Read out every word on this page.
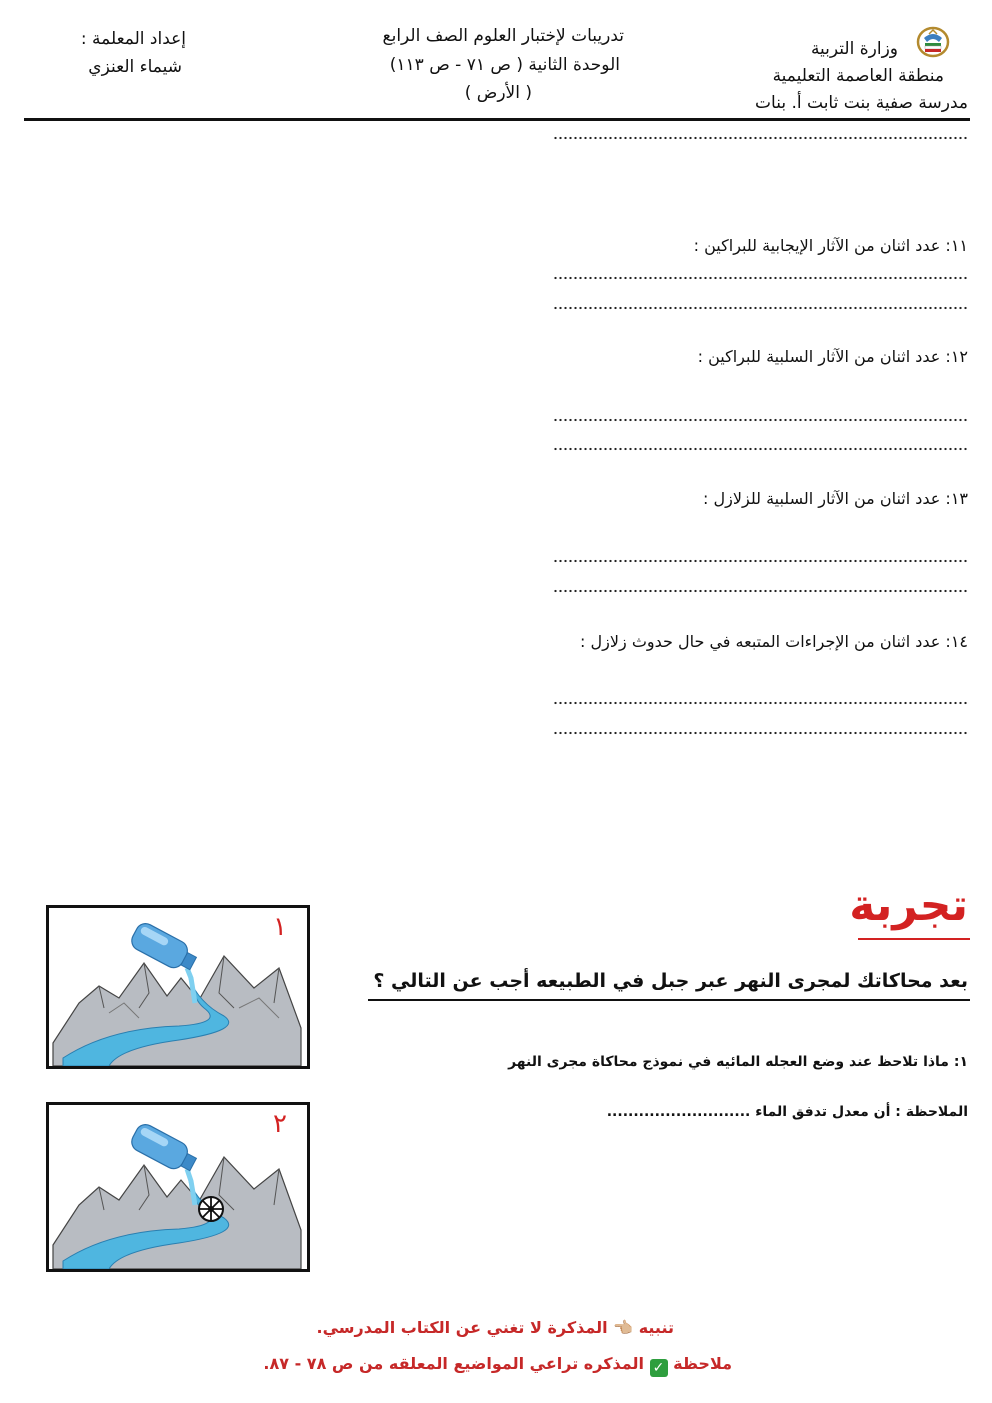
وزارة التربية
منطقة العاصمة التعليمية
مدرسة صفية بنت ثابت أ. بنات
تدريبات لإختبار العلوم الصف الرابع
الوحدة الثانية ( ص ٧١ - ص ١١٣)
( الأرض )
إعداد المعلمة :
شيماء العنزي
١١: عدد اثنان من الآثار الإيجابية للبراكين :
١٢: عدد اثنان من الآثار السلبية للبراكين :
١٣: عدد اثنان من الآثار السلبية للزلازل :
١٤: عدد اثنان من الإجراءات المتبعه في حال حدوث زلازل :
تجربة
بعد محاكاتك لمجرى النهر عبر جبل في الطبيعه أجب عن التالي ؟
١: ماذا تلاحظ عند وضع العجله المائيه في نموذج محاكاة مجرى النهر
الملاحظة : أن معدل تدفق الماء ...........................
١
٢
تنبيه 👈🏼 المذكرة لا تغني عن الكتاب المدرسي.
ملاحظة ✓ المذكره تراعي المواضيع المعلقه من ص ٧٨ - ٨٧.
